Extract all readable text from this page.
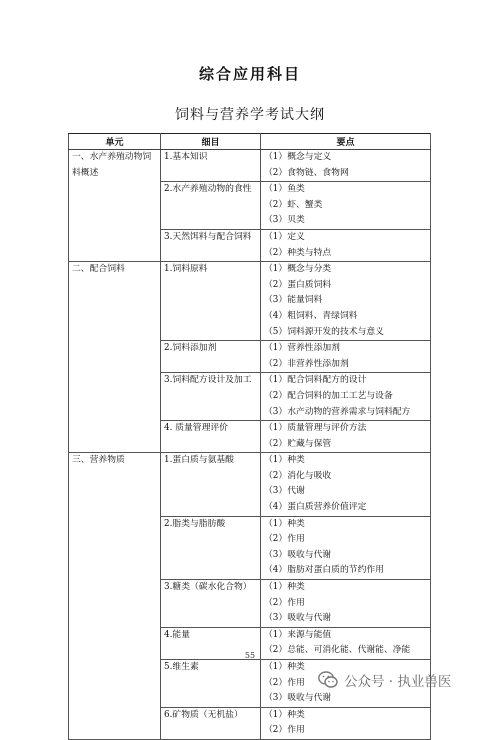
综合应用科目
饲料与营养学考试大纲
单元	细目	要点
一、水产养殖动物饲料概述	1.基本知识	（1）概念与定义
（2）食物链、食物网

	2.水产养殖动物的食性	（1）鱼类
（2）虾、蟹类
（3）贝类

	3.天然饵料与配合饲料	（1）定义
（2）种类与特点

二、配合饲料	1.饲料原料	（1）概念与分类
（2）蛋白质饲料
（3）能量饲料
（4）粗饲料、青绿饲料
（5）饲料源开发的技术与意义

	2.饲料添加剂	（1）营养性添加剂
（2）非营养性添加剂

	3.饲料配方设计及加工	（1）配合饲料配方的设计
（2）配合饲料的加工工艺与设备
（3）水产动物的营养需求与饲料配方

	4. 质量管理评价	（1）质量管理与评价方法
（2）贮藏与保管

三、营养物质	1.蛋白质与氨基酸	（1）种类
（2）消化与吸收
（3）代谢
（4）蛋白质营养价值评定

	2.脂类与脂肪酸	（1）种类
（2）作用
（3）吸收与代谢
（4）脂肪对蛋白质的节约作用

	3.糖类（碳水化合物）	（1）种类
（2）作用
（3）吸收与代谢

	4.能量	（1）来源与能值
（2）总能、可消化能、代谢能、净能

	5.维生素	（1）种类
（2）作用
（3）吸收与代谢

	6.矿物质（无机盐）	（1）种类
（2）作用
55
公众号 · 执业兽医
